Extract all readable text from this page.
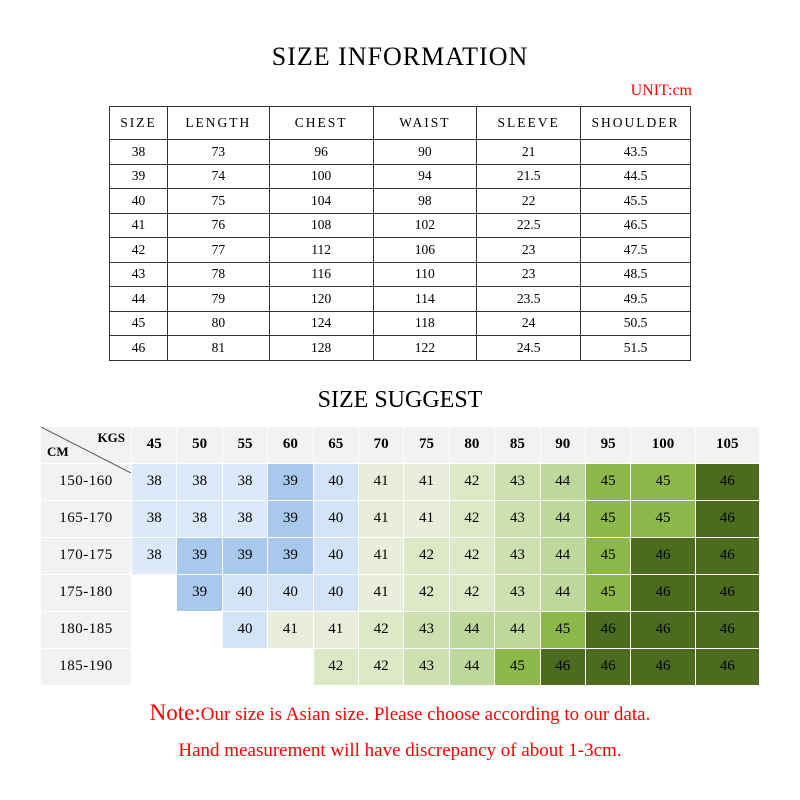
SIZE INFORMATION
UNIT:cm
SIZE	LENGTH	CHEST	WAIST	SLEEVE	SHOULDER
38	73	96	90	21	43.5
39	74	100	94	21.5	44.5
40	75	104	98	22	45.5
41	76	108	102	22.5	46.5
42	77	112	106	23	47.5
43	78	116	110	23	48.5
44	79	120	114	23.5	49.5
45	80	124	118	24	50.5
46	81	128	122	24.5	51.5
SIZE SUGGEST
KGS
CM	45	50	55	60	65	70	75	80	85	90	95	100	105
150-160	38	38	38	39	40	41	41	42	43	44	45	45	46
165-170	38	38	38	39	40	41	41	42	43	44	45	45	46
170-175	38	39	39	39	40	41	42	42	43	44	45	46	46
175-180		39	40	40	40	41	42	42	43	44	45	46	46
180-185			40	41	41	42	43	44	44	45	46	46	46
185-190					42	42	43	44	45	46	46	46	46
Note:Our size is Asian size. Please choose according to our data.
Hand measurement will have discrepancy of about 1-3cm.
